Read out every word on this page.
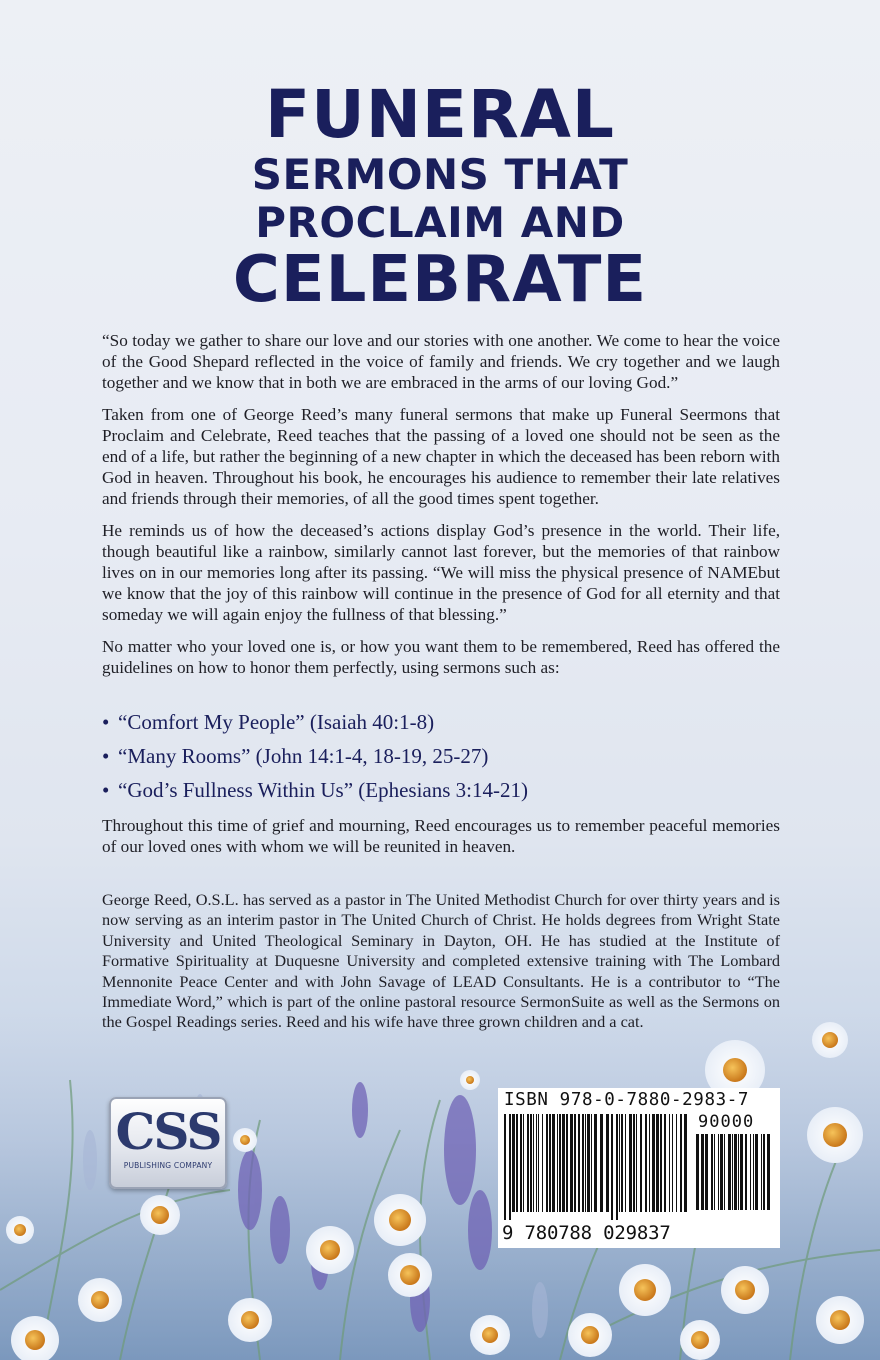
FUNERAL
SERMONS THAT
PROCLAIM AND
CELEBRATE

“So today we gather to share our love and our stories with one another. We come to hear the voice of the Good Shepard reflected in the voice of family and friends. We cry together and we laugh together and we know that in both we are embraced in the arms of our loving God.”

Taken from one of George Reed’s many funeral sermons that make up Funeral Seermons that Proclaim and Celebrate, Reed teaches that the passing of a loved one should not be seen as the end of a life, but rather the beginning of a new chapter in which the deceased has been reborn with God in heaven. Throughout his book, he encourages his audience to remember their late relatives and friends through their memories, of all the good times spent together.

He reminds us of how the deceased’s actions display God’s presence in the world. Their life, though beautiful like a rainbow, similarly cannot last forever, but the memories of that rainbow lives on in our memories long after its passing. “We will miss the physical presence of NAMEbut we know that the joy of this rainbow will continue in the presence of God for all eternity and that someday we will again enjoy the fullness of that blessing.”

No matter who your loved one is, or how you want them to be remembered, Reed has offered the guidelines on how to honor them perfectly, using sermons such as:

• “Comfort My People” (Isaiah 40:1-8)
• “Many Rooms” (John 14:1-4, 18-19, 25-27)
• “God’s Fullness Within Us” (Ephesians 3:14-21)

Throughout this time of grief and mourning, Reed encourages us to remember peaceful memories of our loved ones with whom we will be reunited in heaven.

George Reed, O.S.L. has served as a pastor in The United Methodist Church for over thirty years and is now serving as an interim pastor in The United Church of Christ. He holds degrees from Wright State University and United Theological Seminary in Dayton, OH. He has studied at the Institute of Formative Spirituality at Duquesne University and completed extensive training with The Lombard Mennonite Peace Center and with John Savage of LEAD Consultants. He is a contributor to “The Immediate Word,” which is part of the online pastoral resource SermonSuite as well as the Sermons on the Gospel Readings series. Reed and his wife have three grown children and a cat.

CSS
PUBLISHING COMPANY
ISBN 978-0-7880-2983-7
90000
9 780788 029837
